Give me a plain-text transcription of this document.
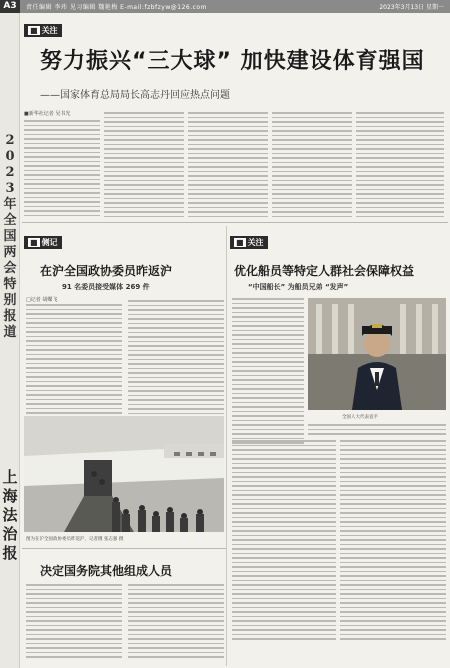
A3	责任编辑 李玮 见习编辑 魏艳梅 E-mail:fzbfzyw@126.com	2023年3月13日 星期一
2023年全国两会特别报道
上海法治报
■ 关注
努力振兴“三大球” 加快建设体育强国
——国家体育总局局长高志丹回应热点问题
■新华社记者 吴书光
■ 侧记
在沪全国政协委员昨返沪
91 名委员接受媒体 269 件
□记者 胡蝶飞
图为在沪全国政协委员昨返沪，记者摄 张志强 摄
决定国务院其他组成人员
■ 关注
优化船员等特定人群社会保障权益
“中国船长” 为船员兄弟 “发声”
全国人大代表袁平
